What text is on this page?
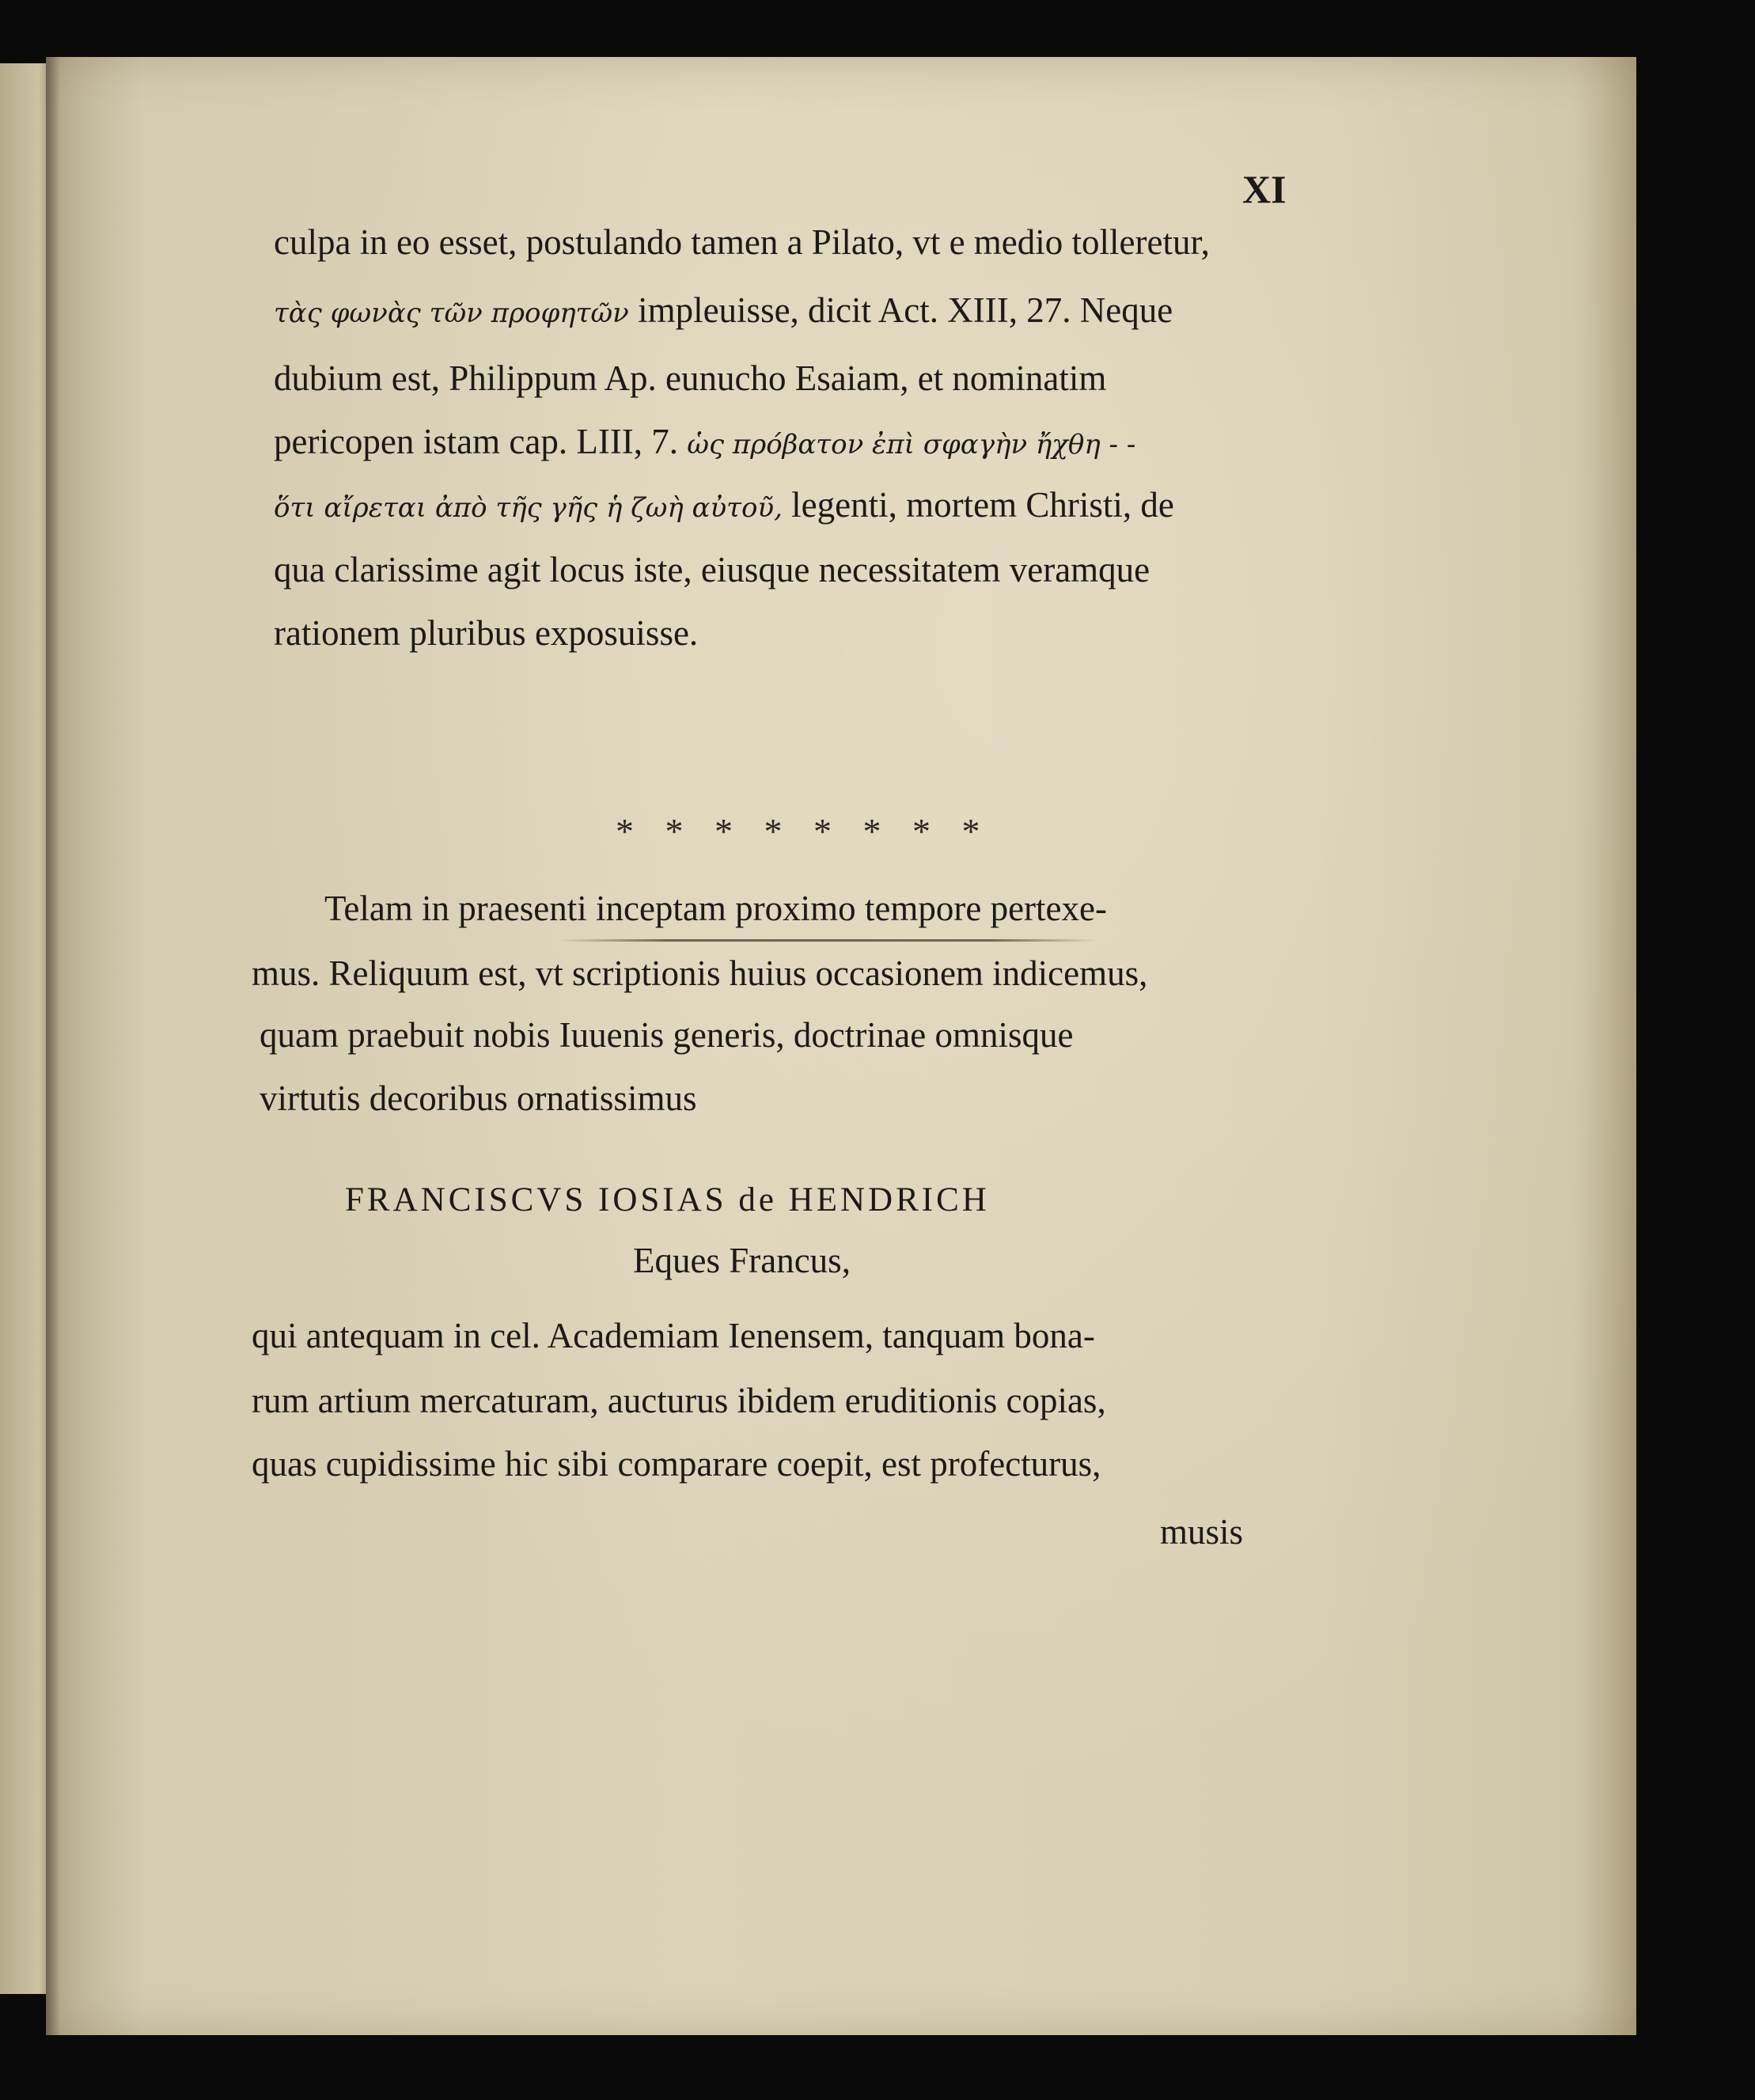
XI
culpa in eo esset, postulando tamen a Pilato, vt e medio tolleretur,
τὰς φωνὰς τῶν προφητῶν impleuisse, dicit Act. XIII, 27. Neque
dubium est, Philippum Ap. eunucho Esaiam, et nominatim
pericopen istam cap. LIII, 7. ὡς πρόβατον ἐπὶ σφαγὴν ἤχθη - -
ὅτι αἴρεται ἀπὸ τῆς γῆς ἡ ζωὴ αὐτοῦ, legenti, mortem Christi, de
qua clarissime agit locus iste, eiusque necessitatem veramque
rationem pluribus exposuisse.
* * * * * * * *
Telam in praesenti inceptam proximo tempore pertexe-
mus. Reliquum est, vt scriptionis huius occasionem indicemus,
quam praebuit nobis Iuuenis generis, doctrinae omnisque
virtutis decoribus ornatissimus
FRANCISCVS IOSIAS de HENDRICH
Eques Francus,
qui antequam in cel. Academiam Ienensem, tanquam bona-
rum artium mercaturam, aucturus ibidem eruditionis copias,
quas cupidissime hic sibi comparare coepit, est profecturus,
musis
